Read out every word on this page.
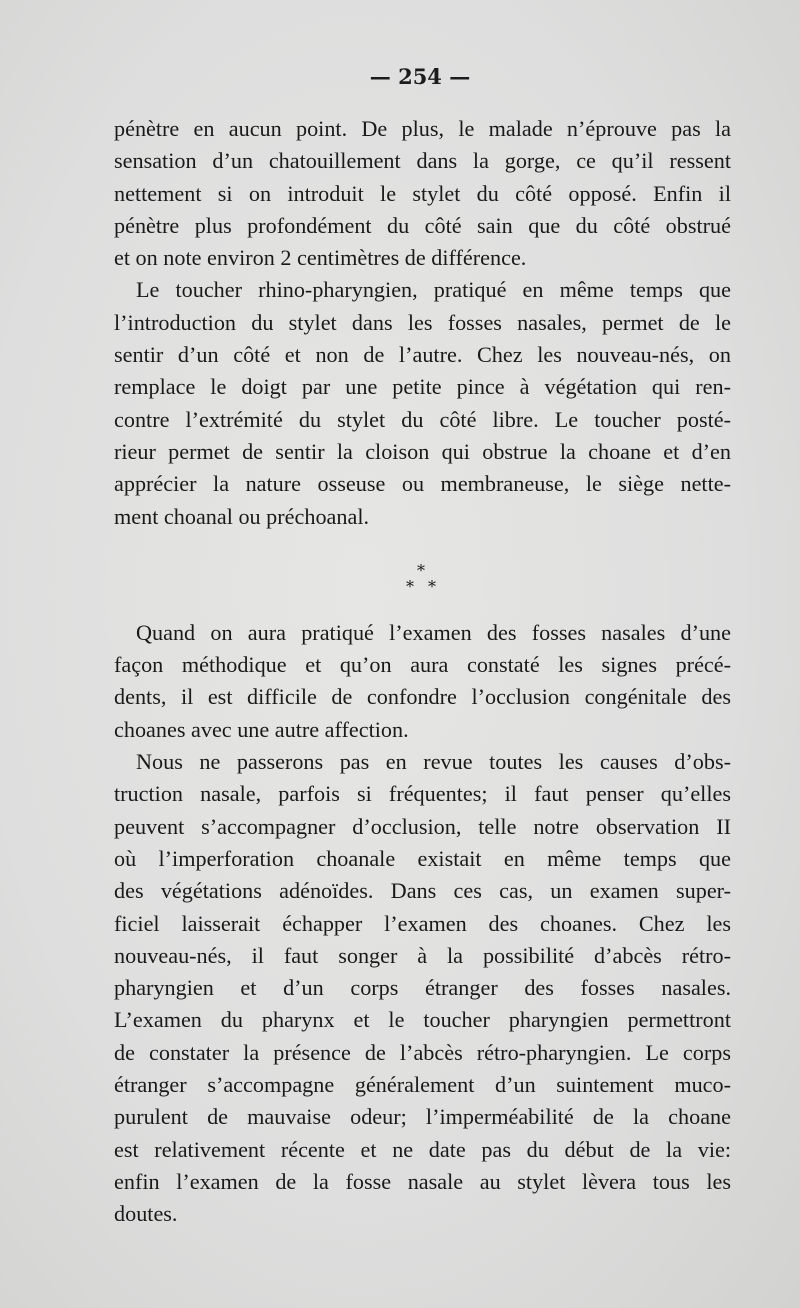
— 254 —

pénètre en aucun point. De plus, le malade n’éprouve pas la
sensation d’un chatouillement dans la gorge, ce qu’il ressent
nettement si on introduit le stylet du côté opposé. Enfin il
pénètre plus profondément du côté sain que du côté obstrué
et on note environ 2 centimètres de différence.

Le toucher rhino-pharyngien, pratiqué en même temps que
l’introduction du stylet dans les fosses nasales, permet de le
sentir d’un côté et non de l’autre. Chez les nouveau-nés, on
remplace le doigt par une petite pince à végétation qui ren-
contre l’extrémité du stylet du côté libre. Le toucher posté-
rieur permet de sentir la cloison qui obstrue la choane et d’en
apprécier la nature osseuse ou membraneuse, le siège nette-
ment choanal ou préchoanal.

Quand on aura pratiqué l’examen des fosses nasales d’une
façon méthodique et qu’on aura constaté les signes précé-
dents, il est difficile de confondre l’occlusion congénitale des
choanes avec une autre affection.

Nous ne passerons pas en revue toutes les causes d’obs-
truction nasale, parfois si fréquentes; il faut penser qu’elles
peuvent s’accompagner d’occlusion, telle notre observation II
où l’imperforation choanale existait en même temps que
des végétations adénoïdes. Dans ces cas, un examen super-
ficiel laisserait échapper l’examen des choanes. Chez les
nouveau-nés, il faut songer à la possibilité d’abcès rétro-
pharyngien et d’un corps étranger des fosses nasales.
L’examen du pharynx et le toucher pharyngien permettront
de constater la présence de l’abcès rétro-pharyngien. Le corps
étranger s’accompagne généralement d’un suintement muco-
purulent de mauvaise odeur; l’imperméabilité de la choane
est relativement récente et ne date pas du début de la vie:
enfin l’examen de la fosse nasale au stylet lèvera tous les
doutes.

*
* *
